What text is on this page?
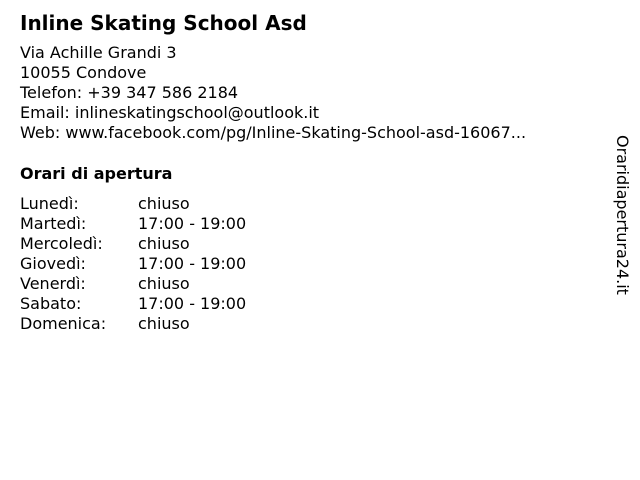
Inline Skating School Asd
Via Achille Grandi 3
10055 Condove
Telefon: +39 347 586 2184
Email: inlineskatingschool@outlook.it
Web: www.facebook.com/pg/Inline-Skating-School-asd-16067...
Orari di apertura
Lunedì:	chiuso
Martedì:	17:00 - 19:00
Mercoledì:	chiuso
Giovedì:	17:00 - 19:00
Venerdì:	chiuso
Sabato:	17:00 - 19:00
Domenica:	chiuso
Oraridiapertura24.it
